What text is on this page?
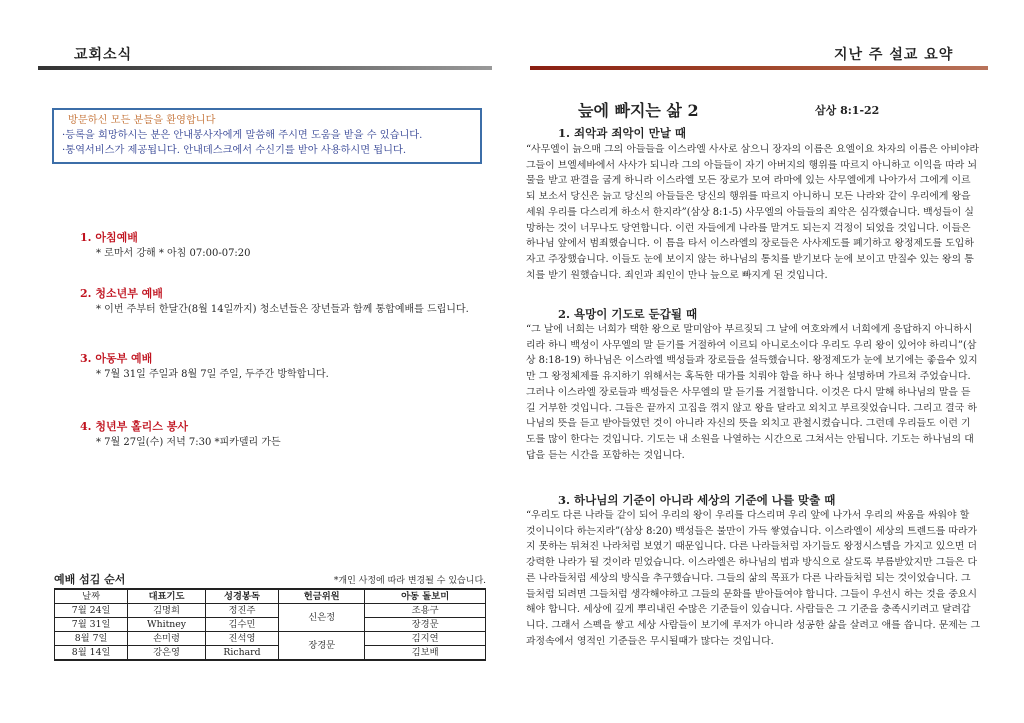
교회소식
방문하신 모든 분들을 환영합니다
·등록을 희망하시는 분은 안내봉사자에게 말씀해 주시면 도움을 받을 수 있습니다.
·통역서비스가 제공됩니다. 안내데스크에서 수신기를 받아 사용하시면 됩니다.
1. 아침예배
* 로마서 강해 * 아침 07:00-07:20
2. 청소년부 예배
* 이번 주부터 한달간(8월 14일까지) 청소년들은 장년들과 함께 통합예배를 드립니다.
3. 아동부 예배
* 7월 31일 주일과 8월 7일 주일, 두주간 방학합니다.
4. 청년부 홀리스 봉사
* 7월 27일(수) 저녁 7:30 *피카델리 가든
예배 섬김 순서	*개인 사정에 따라 변경될 수 있습니다.
날짜	대표기도	성경봉독	헌금위원	아동 돌보미
7월 24일	김명희	정진주	신은정	조용구
7월 31일	Whitney	김수민		장경문
8월 7일	손미령	진석영	장경문	김지연
8월 14일	강은영	Richard		김보배
지난 주 설교 요약
늪에 빠지는 삶 2	삼상 8:1-22
1. 죄악과 죄악이 만날 때
“사무엘이 늙으매 그의 아들들을 이스라엘 사사로 삼으니 장자의 이름은 요엘이요 차자의 이름은 아비야라 그들이 브엘세바에서 사사가 되니라 그의 아들들이 자기 아버지의 행위를 따르지 아니하고 이익을 따라 뇌물을 받고 판결을 굽게 하니라 이스라엘 모든 장로가 모여 라마에 있는 사무엘에게 나아가서 그에게 이르되 보소서 당신은 늙고 당신의 아들들은 당신의 행위를 따르지 아니하니 모든 나라와 같이 우리에게 왕을 세워 우리를 다스리게 하소서 한지라”(삼상 8:1-5) 사무엘의 아들들의 죄악은 심각했습니다. 백성들이 실망하는 것이 너무나도 당연합니다. 이런 자들에게 나라를 맡겨도 되는지 걱정이 되었을 것입니다. 이들은 하나님 앞에서 범죄했습니다. 이 틈을 타서 이스라엘의 장로들은 사사제도를 폐기하고 왕정제도를 도입하자고 주장했습니다. 이들도 눈에 보이지 않는 하나님의 통치를 받기보다 눈에 보이고 만질수 있는 왕의 통치를 받기 원했습니다. 죄인과 죄인이 만나 늪으로 빠지게 된 것입니다.
2. 욕망이 기도로 둔갑될 때
“그 날에 너희는 너희가 택한 왕으로 말미암아 부르짖되 그 날에 여호와께서 너희에게 응답하지 아니하시리라 하니 백성이 사무엘의 말 듣기를 거절하여 이르되 아니로소이다 우리도 우리 왕이 있어야 하리니”(삼상 8:18-19) 하나님은 이스라엘 백성들과 장로들을 설득했습니다. 왕정제도가 눈에 보기에는 좋을수 있지만 그 왕정체제를 유지하기 위해서는 혹독한 대가를 치뤄야 함을 하나 하나 설명하며 가르쳐 주었습니다. 그러나 이스라엘 장로들과 백성들은 사무엘의 말 듣기를 거절합니다. 이것은 다시 말해 하나님의 말을 듣길 거부한 것입니다. 그들은 끝까지 고집을 꺾지 않고 왕을 달라고 외치고 부르짖었습니다. 그리고 결국 하나님의 뜻을 듣고 받아들였던 것이 아니라 자신의 뜻을 외치고 관철시켰습니다. 그런데 우리들도 이런 기도를 많이 한다는 것입니다. 기도는 내 소원을 나열하는 시간으로 그쳐서는 안됩니다. 기도는 하나님의 대답을 듣는 시간을 포함하는 것입니다.
3. 하나님의 기준이 아니라 세상의 기준에 나를 맞출 때
“우리도 다른 나라들 같이 되어 우리의 왕이 우리를 다스리며 우리 앞에 나가서 우리의 싸움을 싸워야 할 것이니이다 하는지라”(삼상 8:20) 백성들은 불만이 가득 쌓였습니다. 이스라엘이 세상의 트렌드를 따라가지 못하는 뒤쳐진 나라처럼 보였기 때문입니다. 다른 나라들처럼 자기들도 왕정시스템을 가지고 있으면 더 강력한 나라가 될 것이라 믿었습니다. 이스라엘은 하나님의 법과 방식으로 살도록 부름받았지만 그들은 다른 나라들처럼 세상의 방식을 추구했습니다. 그들의 삶의 목표가 다른 나라들처럼 되는 것이었습니다. 그들처럼 되려면 그들처럼 생각해야하고 그들의 문화를 받아들여야 합니다. 그들이 우선시 하는 것을 중요시해야 합니다. 세상에 깊게 뿌리내린 수많은 기준들이 있습니다. 사람들은 그 기준을 충족시키려고 달려갑니다. 그래서 스펙을 쌓고 세상 사람들이 보기에 루저가 아니라 성공한 삶을 살려고 애를 씁니다. 문제는 그 과정속에서 영적인 기준들은 무시될때가 많다는 것입니다.
